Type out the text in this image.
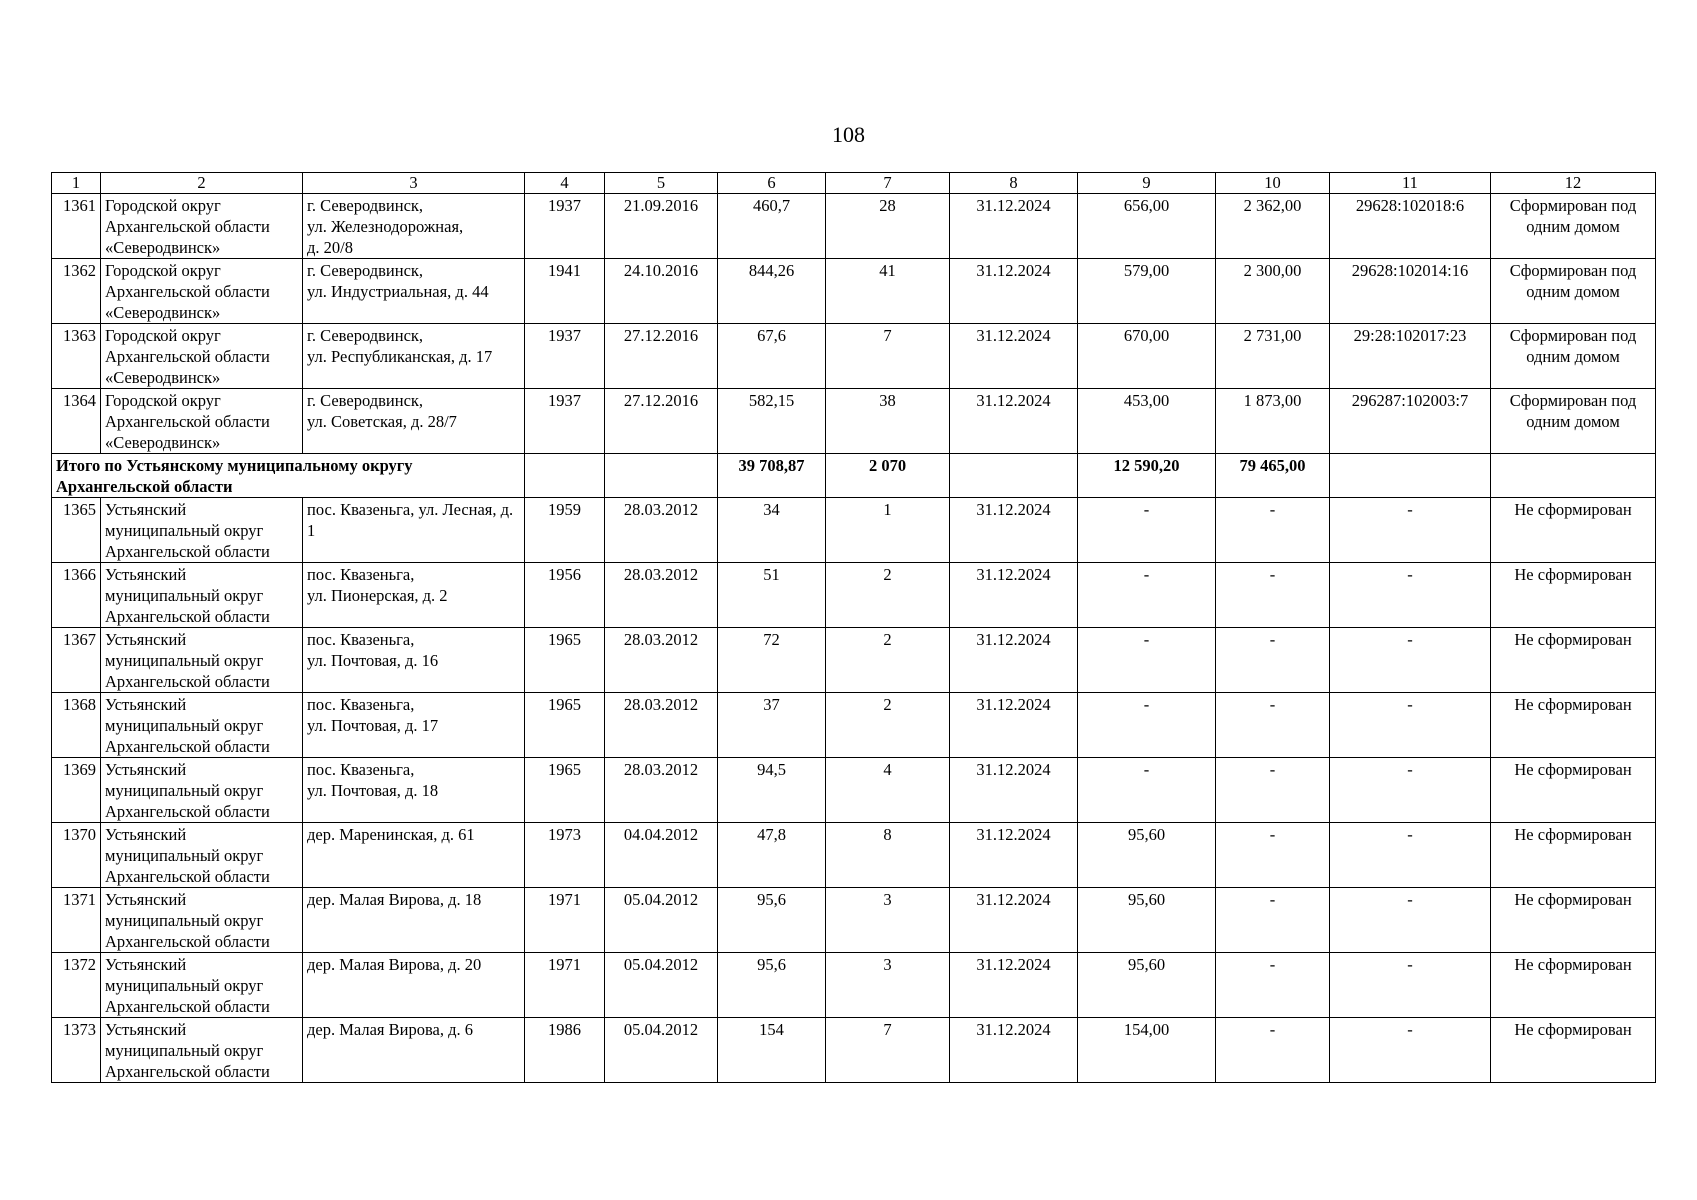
108
1	2	3	4	5	6	7	8	9	10	11	12
1361	Городской округ Архангельской области «Северодвинск»	г. Северодвинск,
ул. Железнодорожная,
д. 20/8	1937	21.09.2016	460,7	28	31.12.2024	656,00	2 362,00	29628:102018:6	Сформирован под одним домом
1362	Городской округ Архангельской области «Северодвинск»	г. Северодвинск,
ул. Индустриальная, д. 44	1941	24.10.2016	844,26	41	31.12.2024	579,00	2 300,00	29628:102014:16	Сформирован под одним домом
1363	Городской округ Архангельской области «Северодвинск»	г. Северодвинск,
ул. Республиканская, д. 17	1937	27.12.2016	67,6	7	31.12.2024	670,00	2 731,00	29:28:102017:23	Сформирован под одним домом
1364	Городской округ Архангельской области «Северодвинск»	г. Северодвинск,
ул. Советская, д. 28/7	1937	27.12.2016	582,15	38	31.12.2024	453,00	1 873,00	296287:102003:7	Сформирован под одним домом
Итого по Устьянскому муниципальному округу Архангельской области					39 708,87	2 070		12 590,20	79 465,00		
1365	Устьянский муниципальный округ Архангельской области	пос. Квазеньга, ул. Лесная, д. 1	1959	28.03.2012	34	1	31.12.2024	-	-	-	Не сформирован
1366	Устьянский муниципальный округ Архангельской области	пос. Квазеньга,
ул. Пионерская, д. 2	1956	28.03.2012	51	2	31.12.2024	-	-	-	Не сформирован
1367	Устьянский муниципальный округ Архангельской области	пос. Квазеньга,
ул. Почтовая, д. 16	1965	28.03.2012	72	2	31.12.2024	-	-	-	Не сформирован
1368	Устьянский муниципальный округ Архангельской области	пос. Квазеньга,
ул. Почтовая, д. 17	1965	28.03.2012	37	2	31.12.2024	-	-	-	Не сформирован
1369	Устьянский муниципальный округ Архангельской области	пос. Квазеньга,
ул. Почтовая, д. 18	1965	28.03.2012	94,5	4	31.12.2024	-	-	-	Не сформирован
1370	Устьянский муниципальный округ Архангельской области	дер. Маренинская, д. 61	1973	04.04.2012	47,8	8	31.12.2024	95,60	-	-	Не сформирован
1371	Устьянский муниципальный округ Архангельской области	дер. Малая Вирова, д. 18	1971	05.04.2012	95,6	3	31.12.2024	95,60	-	-	Не сформирован
1372	Устьянский муниципальный округ Архангельской области	дер. Малая Вирова, д. 20	1971	05.04.2012	95,6	3	31.12.2024	95,60	-	-	Не сформирован
1373	Устьянский муниципальный округ Архангельской области	дер. Малая Вирова, д. 6	1986	05.04.2012	154	7	31.12.2024	154,00	-	-	Не сформирован
